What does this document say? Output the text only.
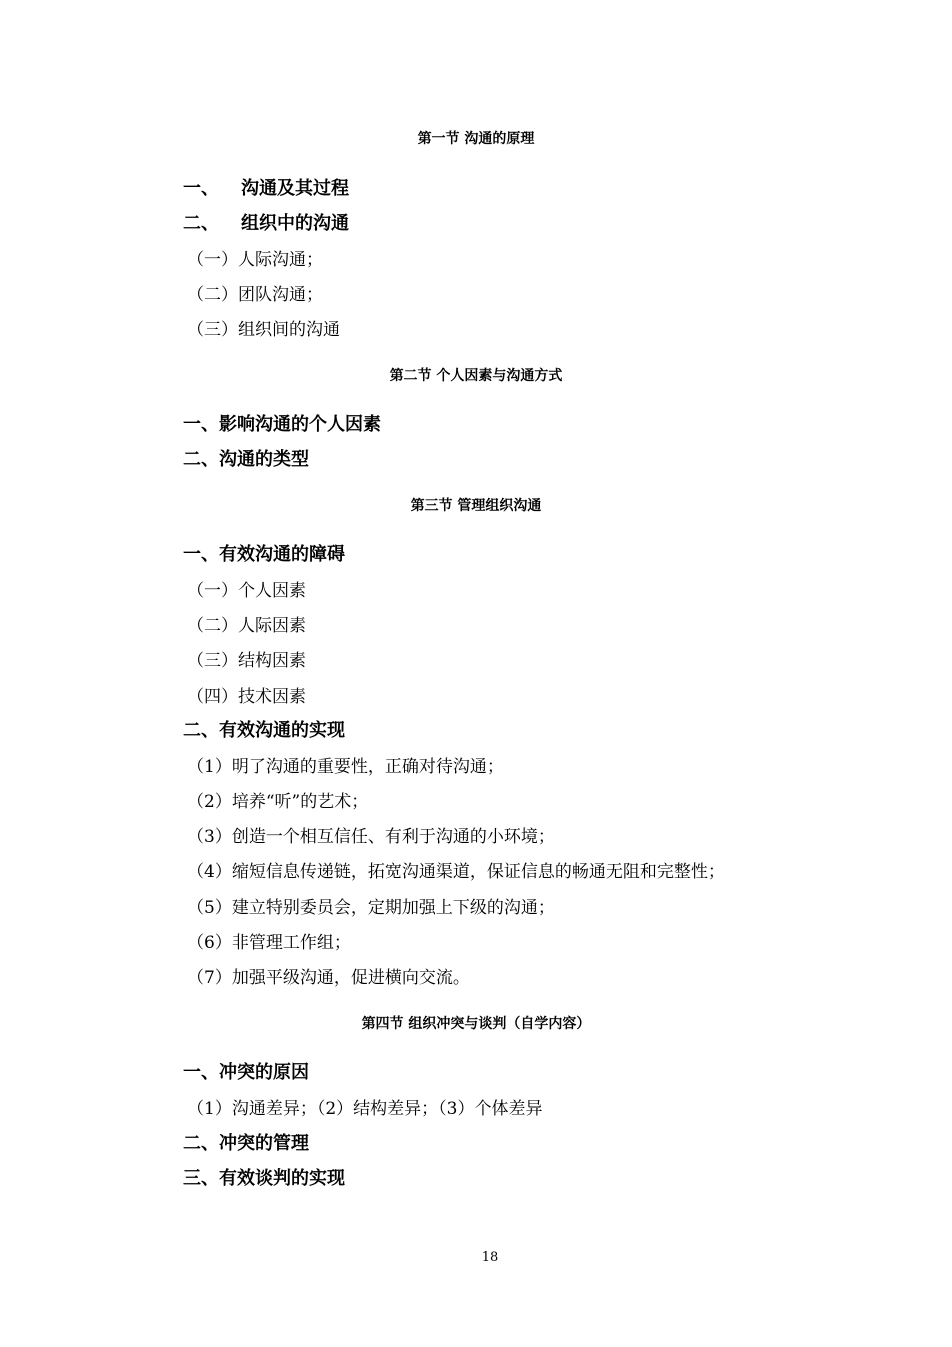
第一节 沟通的原理
一、 沟通及其过程
二、 组织中的沟通
（一）人际沟通；
（二）团队沟通；
（三）组织间的沟通
第二节 个人因素与沟通方式
一、影响沟通的个人因素
二、沟通的类型
第三节 管理组织沟通
一、有效沟通的障碍
（一）个人因素
（二）人际因素
（三）结构因素
（四）技术因素
二、有效沟通的实现
（1）明了沟通的重要性，正确对待沟通；
（2）培养“听”的艺术；
（3）创造一个相互信任、有利于沟通的小环境；
（4）缩短信息传递链，拓宽沟通渠道，保证信息的畅通无阻和完整性；
（5）建立特别委员会，定期加强上下级的沟通；
（6）非管理工作组；
（7）加强平级沟通，促进横向交流。
第四节 组织冲突与谈判（自学内容）
一、冲突的原因
（1）沟通差异；（2）结构差异；（3）个体差异
二、冲突的管理
三、有效谈判的实现
18
